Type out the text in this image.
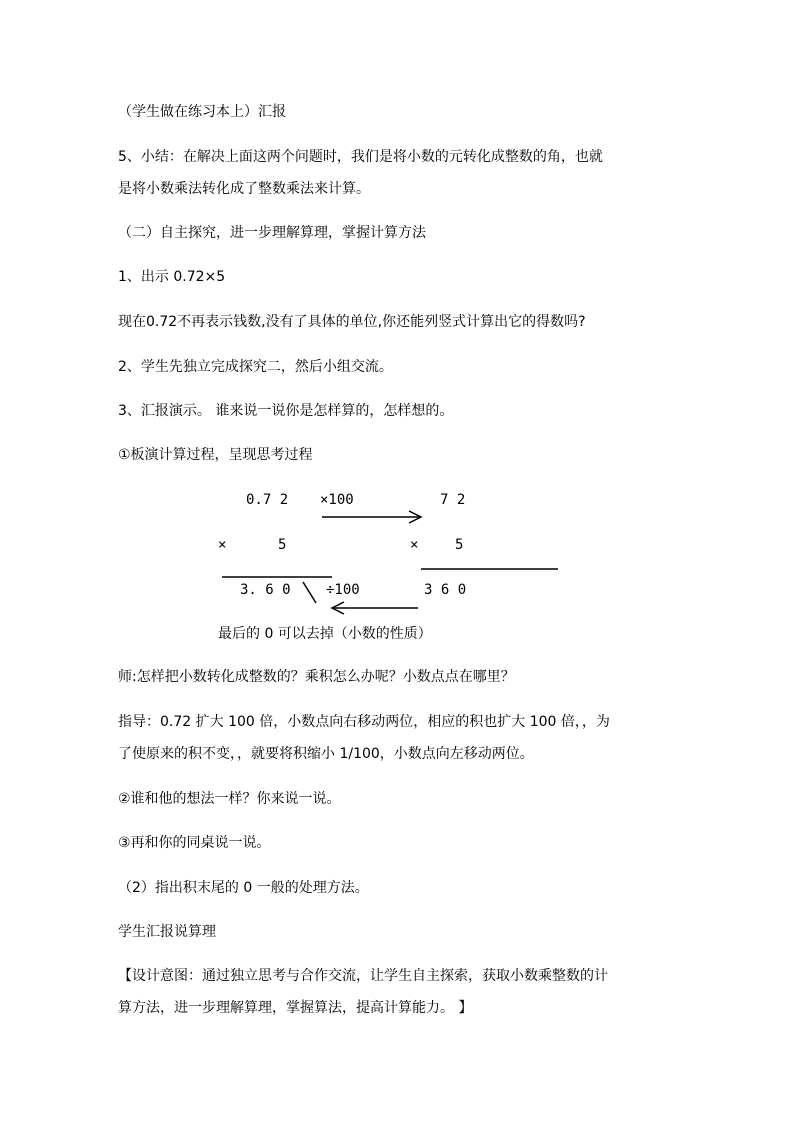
（学生做在练习本上）汇报
5、小结：在解决上面这两个问题时，我们是将小数的元转化成整数的角，也就
是将小数乘法转化成了整数乘法来计算。
（二）自主探究，进一步理解算理，掌握计算方法
1、出示 0.72×5
现在0.72不再表示钱数,没有了具体的单位,你还能列竖式计算出它的得数吗?
2、学生先独立完成探究二，然后小组交流。
3、汇报演示。 谁来说一说你是怎样算的，怎样想的。
①板演计算过程，呈现思考过程
0.7 2 ×100	7 2
×	5	×	5
3. 6 0	÷100	3 6 0
最后的 0 可以去掉（小数的性质）
师:怎样把小数转化成整数的？乘积怎么办呢？小数点点在哪里？
指导：0.72 扩大 100 倍，小数点向右移动两位，相应的积也扩大 100 倍，，为
了使原来的积不变，，就要将积缩小 1/100，小数点向左移动两位。
②谁和他的想法一样？你来说一说。
③再和你的同桌说一说。
（2）指出积末尾的 0 一般的处理方法。
学生汇报说算理
【设计意图：通过独立思考与合作交流，让学生自主探索，获取小数乘整数的计
算方法，进一步理解算理，掌握算法，提高计算能力。 】
